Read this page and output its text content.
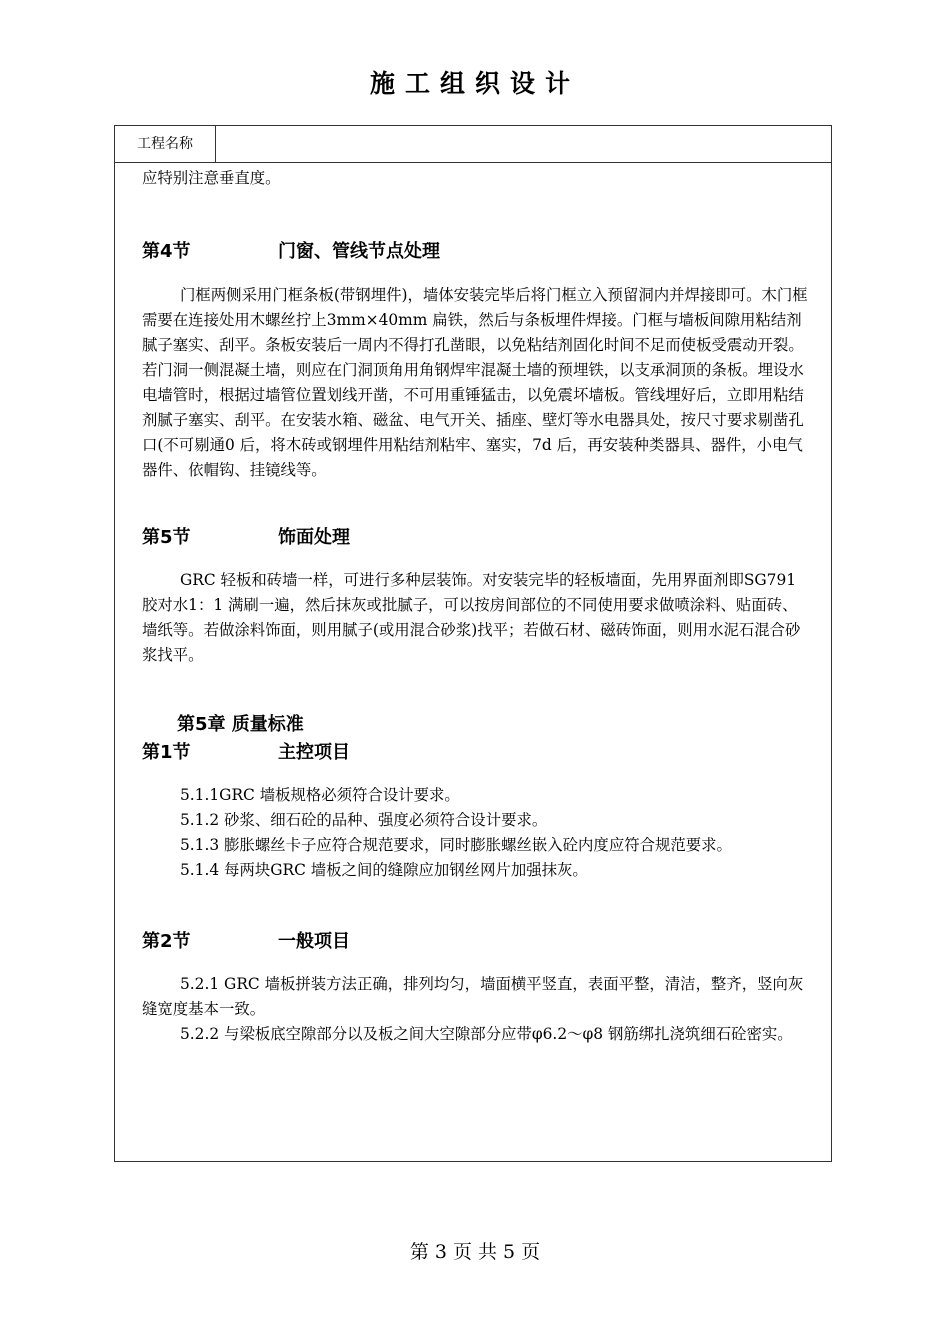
施工组织设计
工程名称

应特别注意垂直度。

第4节	门窗、管线节点处理

门框两侧采用门框条板(带钢埋件)，墙体安装完毕后将门框立入预留洞内并焊接即可。木门框需要在连接处用木螺丝拧上3mm×40mm 扁铁，然后与条板埋件焊接。门框与墙板间隙用粘结剂腻子塞实、刮平。条板安装后一周内不得打孔凿眼，以免粘结剂固化时间不足而使板受震动开裂。若门洞一侧混凝土墙，则应在门洞顶角用角钢焊牢混凝土墙的预埋铁，以支承洞顶的条板。埋设水电墙管时，根据过墙管位置划线开凿，不可用重锤猛击，以免震坏墙板。管线埋好后，立即用粘结剂腻子塞实、刮平。在安装水箱、磁盆、电气开关、插座、壁灯等水电器具处，按尺寸要求剔凿孔口(不可剔通0 后，将木砖或钢埋件用粘结剂粘牢、塞实，7d 后，再安装种类器具、器件，小电气器件、依帽钩、挂镜线等。

第5节	饰面处理

GRC 轻板和砖墙一样，可进行多种层装饰。对安装完毕的轻板墙面，先用界面剂即SG791 胶对水1：1 满刷一遍，然后抹灰或批腻子，可以按房间部位的不同使用要求做喷涂料、贴面砖、墙纸等。若做涂料饰面，则用腻子(或用混合砂浆)找平；若做石材、磁砖饰面，则用水泥石混合砂浆找平。

第5章 质量标准
第1节	主控项目

5.1.1GRC 墙板规格必须符合设计要求。

5.1.2 砂浆、细石砼的品种、强度必须符合设计要求。

5.1.3 膨胀螺丝卡子应符合规范要求，同时膨胀螺丝嵌入砼内度应符合规范要求。

5.1.4 每两块GRC 墙板之间的缝隙应加钢丝网片加强抹灰。

第2节	一般项目

5.2.1 GRC 墙板拼装方法正确，排列均匀，墙面横平竖直，表面平整，清洁，整齐，竖向灰缝宽度基本一致。

5.2.2 与梁板底空隙部分以及板之间大空隙部分应带φ6.2～φ8 钢筋绑扎浇筑细石砼密实。

第 3 页 共 5 页
